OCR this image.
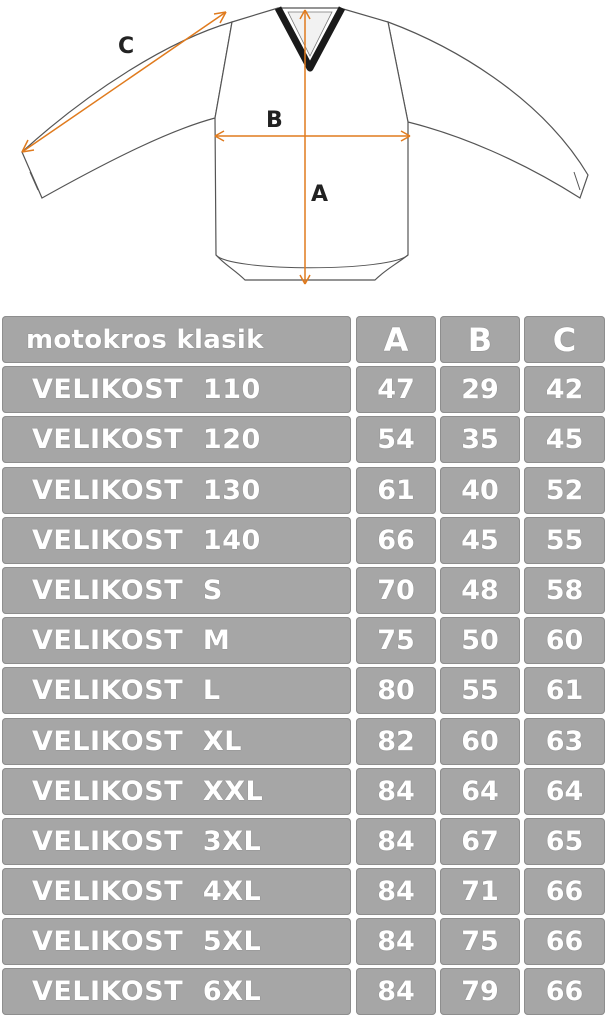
C
B
A
motokros klasik	A	B	C
VELIKOST  110	47	29	42
VELIKOST  120	54	35	45
VELIKOST  130	61	40	52
VELIKOST  140	66	45	55
VELIKOST  S	70	48	58
VELIKOST  M	75	50	60
VELIKOST  L	80	55	61
VELIKOST  XL	82	60	63
VELIKOST  XXL	84	64	64
VELIKOST  3XL	84	67	65
VELIKOST  4XL	84	71	66
VELIKOST  5XL	84	75	66
VELIKOST  6XL	84	79	66
